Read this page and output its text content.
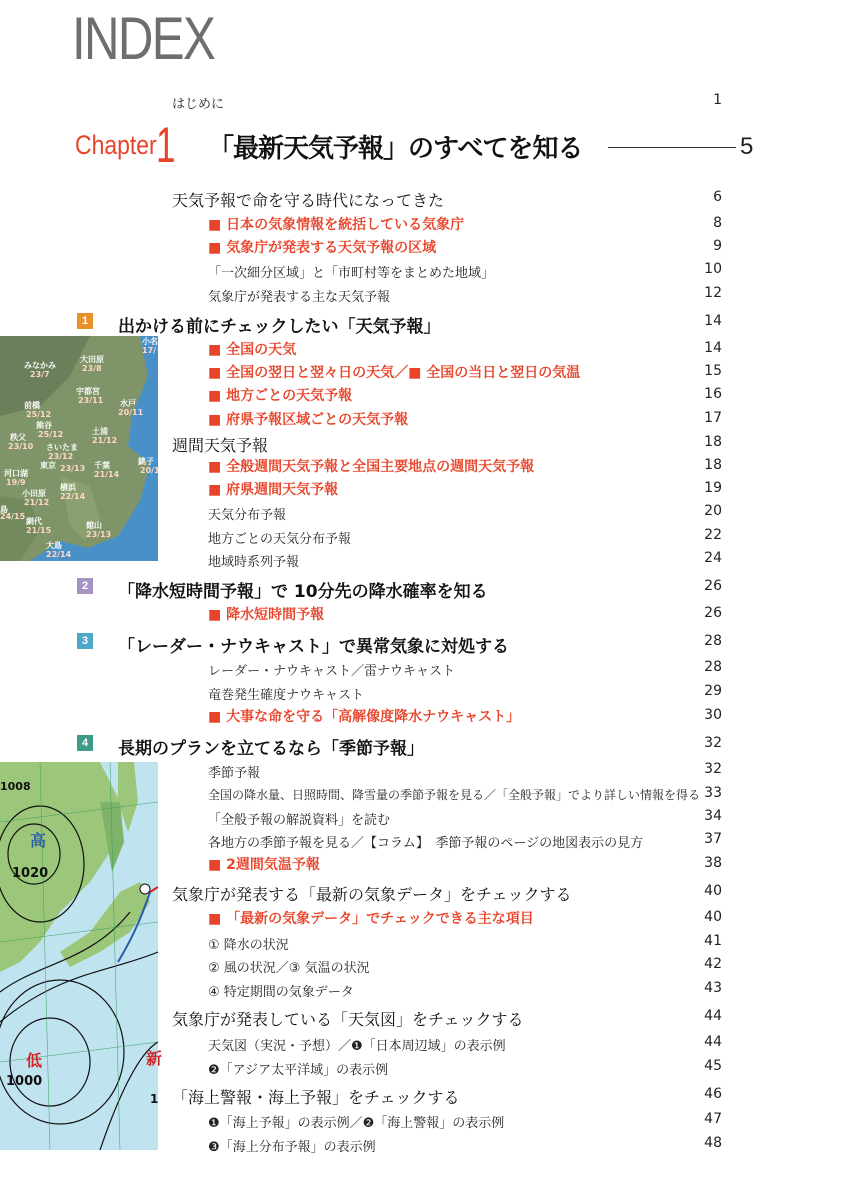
INDEX
はじめに	1
Chapter 1 「最新天気予報」のすべてを知る	5
みなかみ
23/7
大田原
23/8
小名
17/
宇都宮
23/11
前橋
25/12
水戸
20/11
熊谷
25/12
秩父
23/10 さいたま
23/12
土浦
21/12
銚子
20/1
河口湖
19/9
東京 23/13 千葉
21/14
横浜
22/14
小田原
21/12
島
24/15
網代
21/15
館山
23/13
大島
22/14
1008
高
1020
低
1000
新
1
天気予報で命を守る時代になってきた	6
■ 日本の気象情報を統括している気象庁	8
■ 気象庁が発表する天気予報の区域	9
「一次細分区域」と「市町村等をまとめた地域」	10
気象庁が発表する主な天気予報	12
1 出かける前にチェックしたい「天気予報」	14
■ 全国の天気	14
■ 全国の翌日と翌々日の天気／■ 全国の当日と翌日の気温	15
■ 地方ごとの天気予報	16
■ 府県予報区域ごとの天気予報	17
週間天気予報	18
■ 全般週間天気予報と全国主要地点の週間天気予報	18
■ 府県週間天気予報	19
天気分布予報	20
地方ごとの天気分布予報	22
地域時系列予報	24
2 「降水短時間予報」で 10分先の降水確率を知る	26
■ 降水短時間予報	26
3 「レーダー・ナウキャスト」で異常気象に対処する	28
レーダー・ナウキャスト／雷ナウキャスト	28
竜巻発生確度ナウキャスト	29
■ 大事な命を守る「高解像度降水ナウキャスト」	30
4 長期のプランを立てるなら「季節予報」	32
季節予報	32
全国の降水量、日照時間、降雪量の季節予報を見る／「全般予報」でより詳しい情報を得る 33
「全般予報の解説資料」を読む	34
各地方の季節予報を見る／【コラム】　季節予報のページの地図表示の見方	37
■ 2週間気温予報	38
気象庁が発表する「最新の気象データ」をチェックする	40
■ 「最新の気象データ」でチェックできる主な項目	40
① 降水の状況	41
② 風の状況／③ 気温の状況	42
④ 特定期間の気象データ	43
気象庁が発表している「天気図」をチェックする	44
天気図（実況・予想）／❶「日本周辺域」の表示例	44
❷「アジア太平洋域」の表示例	45
「海上警報・海上予報」をチェックする	46
❶「海上予報」の表示例／❷「海上警報」の表示例	47
❸「海上分布予報」の表示例	48
